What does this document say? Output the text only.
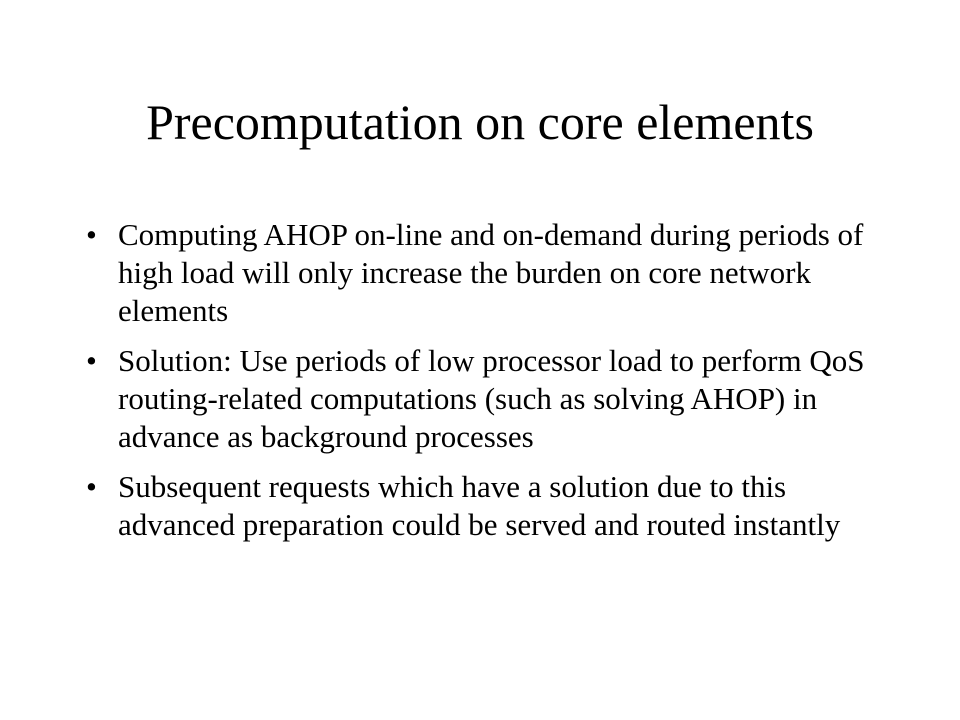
Precomputation on core elements
• Computing AHOP on-line and on-demand during periods of high load will only increase the burden on core network elements
• Solution: Use periods of low processor load to perform QoS routing-related computations (such as solving AHOP) in advance as background processes
• Subsequent requests which have a solution due to this advanced preparation could be served and routed instantly
